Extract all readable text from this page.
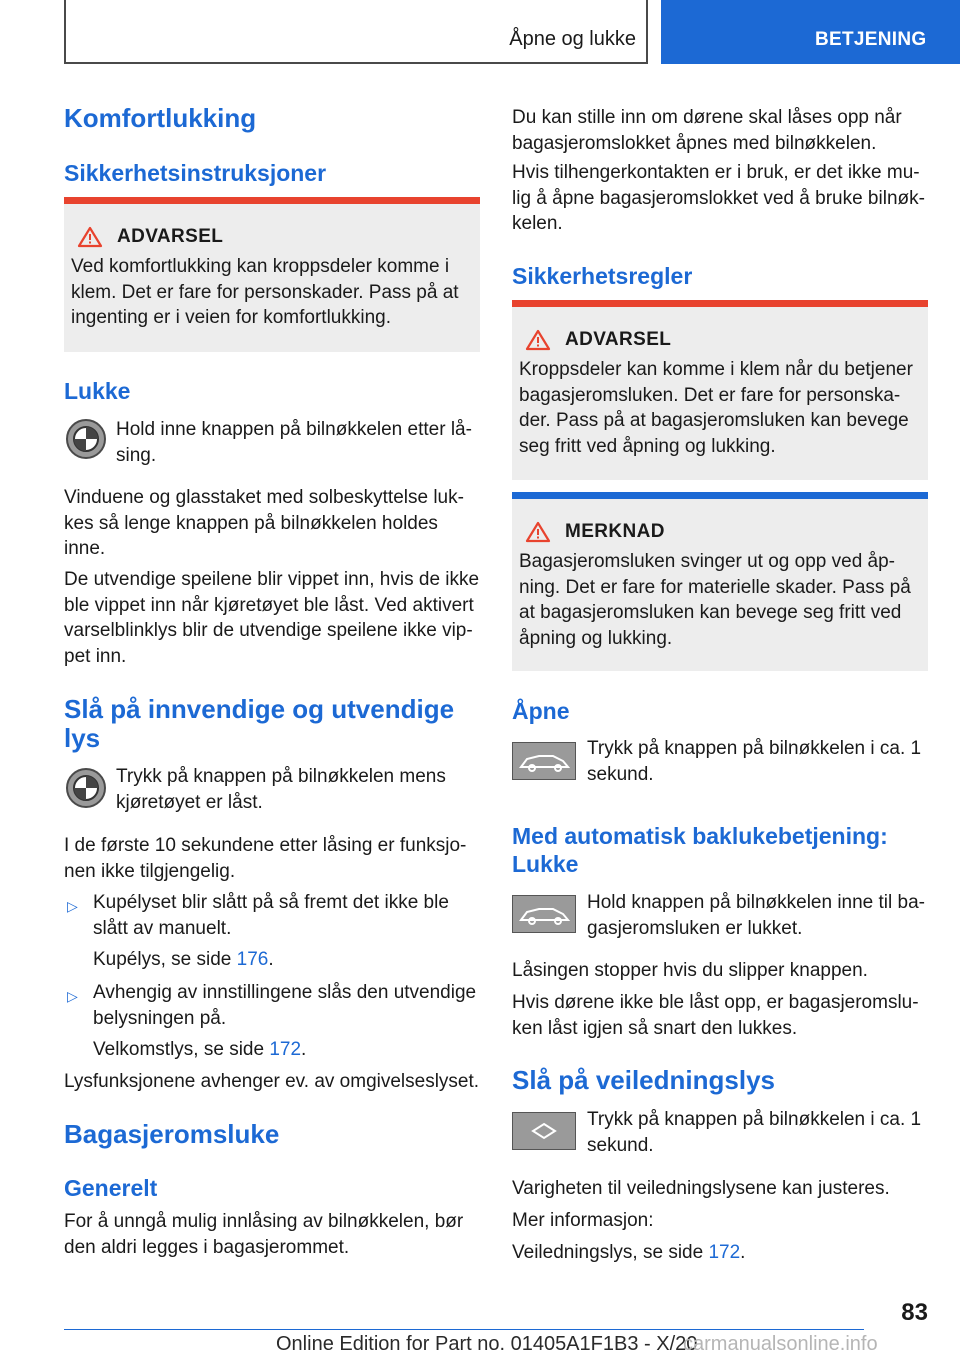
Åpne og lukke	BETJENING

Komfortlukking

Sikkerhetsinstruksjoner

ADVARSEL

Ved komfortlukking kan kroppsdeler komme i klem. Det er fare for personskader. Pass på at ingenting er i veien for komfortlukking.

Lukke

Hold inne knappen på bilnøkkelen etter lå-sing.

Vinduene og glasstaket med solbeskyttelse luk-kes så lenge knappen på bilnøkkelen holdes inne.

De utvendige speilene blir vippet inn, hvis de ikke ble vippet inn når kjøretøyet ble låst. Ved aktivert varselblinklys blir de utvendige speilene ikke vip-pet inn.

Slå på innvendige og utvendige lys

Trykk på knappen på bilnøkkelen mens kjøretøyet er låst.

I de første 10 sekundene etter låsing er funksjo-nen ikke tilgjengelig.

▷ Kupélyset blir slått på så fremt det ikke ble slått av manuelt.

Kupélys, se side 176.

▷ Avhengig av innstillingene slås den utvendige belysningen på.

Velkomstlys, se side 172.

Lysfunksjonene avhenger ev. av omgivelseslyset.

Bagasjeromsluke

Generelt

For å unngå mulig innlåsing av bilnøkkelen, bør den aldri legges i bagasjerommet.

Du kan stille inn om dørene skal låses opp når bagasjeromslokket åpnes med bilnøkkelen.

Hvis tilhengerkontakten er i bruk, er det ikke mu-lig å åpne bagasjeromslokket ved å bruke bilnøk-kelen.

Sikkerhetsregler

ADVARSEL

Kroppsdeler kan komme i klem når du betjener bagasjeromsluken. Det er fare for personska-der. Pass på at bagasjeromsluken kan bevege seg fritt ved åpning og lukking.

MERKNAD

Bagasjeromsluken svinger ut og opp ved åp-ning. Det er fare for materielle skader. Pass på at bagasjeromsluken kan bevege seg fritt ved åpning og lukking.

Åpne

Trykk på knappen på bilnøkkelen i ca. 1 sekund.

Med automatisk baklukebetjening: Lukke

Hold knappen på bilnøkkelen inne til ba-gasjeromsluken er lukket.

Låsingen stopper hvis du slipper knappen.

Hvis dørene ikke ble låst opp, er bagasjeromslu-ken låst igjen så snart den lukkes.

Slå på veiledningslys

Trykk på knappen på bilnøkkelen i ca. 1 sekund.

Varigheten til veiledningslysene kan justeres.

Mer informasjon:

Veiledningslys, se side 172.

83
Online Edition for Part no. 01405A1F1B3 - X/20
carmanualsonline.info
